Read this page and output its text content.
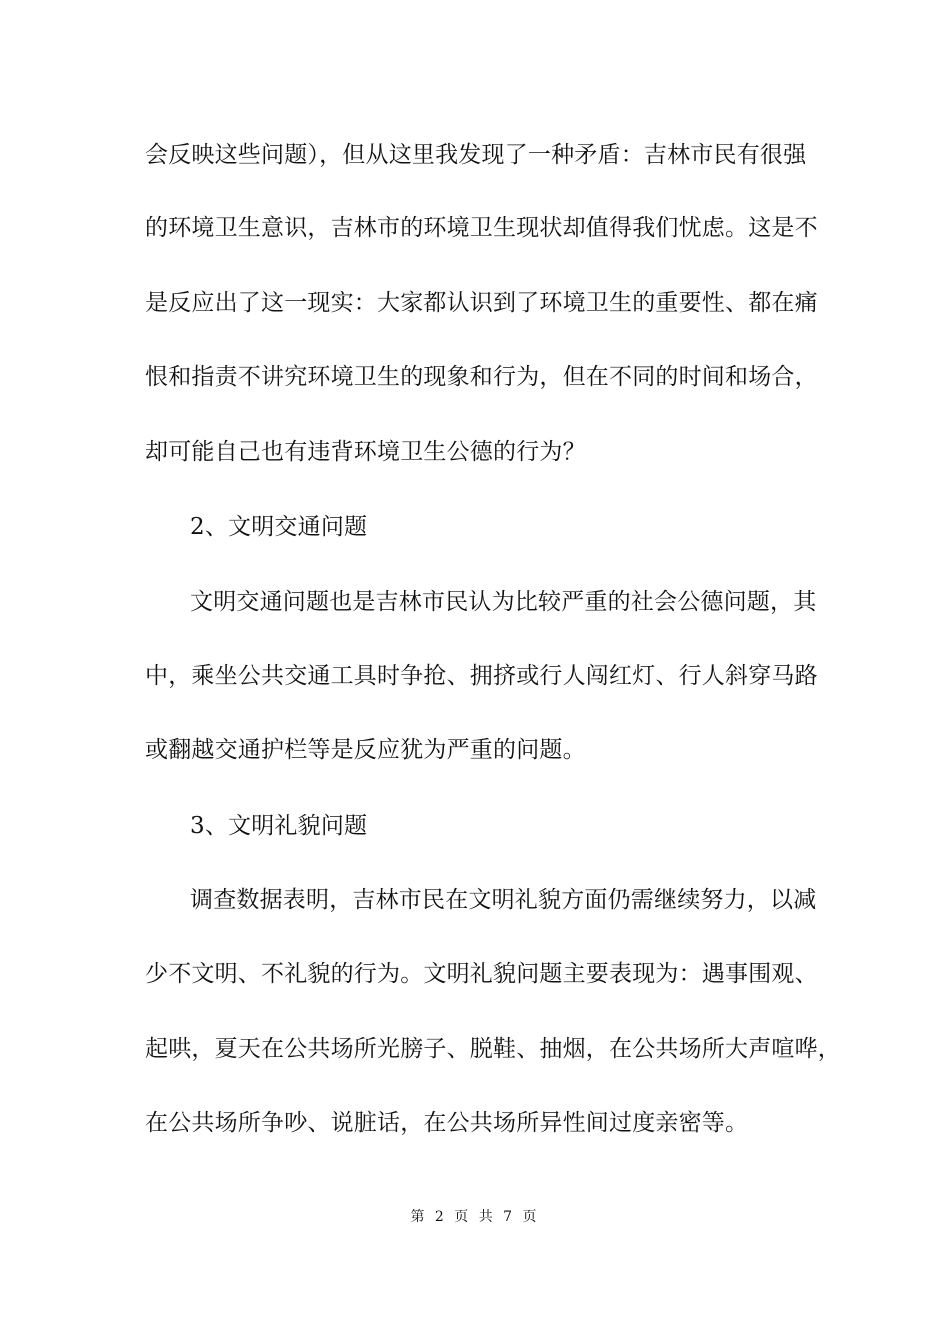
会反映这些问题），但从这里我发现了一种矛盾：吉林市民有很强
的环境卫生意识，吉林市的环境卫生现状却值得我们忧虑。这是不
是反应出了这一现实：大家都认识到了环境卫生的重要性、都在痛
恨和指责不讲究环境卫生的现象和行为，但在不同的时间和场合，
却可能自己也有违背环境卫生公德的行为？
2、文明交通问题
文明交通问题也是吉林市民认为比较严重的社会公德问题，其
中，乘坐公共交通工具时争抢、拥挤或行人闯红灯、行人斜穿马路
或翻越交通护栏等是反应犹为严重的问题。
3、文明礼貌问题
调查数据表明，吉林市民在文明礼貌方面仍需继续努力，以减
少不文明、不礼貌的行为。文明礼貌问题主要表现为：遇事围观、
起哄，夏天在公共场所光膀子、脱鞋、抽烟，在公共场所大声喧哗，
在公共场所争吵、说脏话，在公共场所异性间过度亲密等。
第 2 页 共 7 页
